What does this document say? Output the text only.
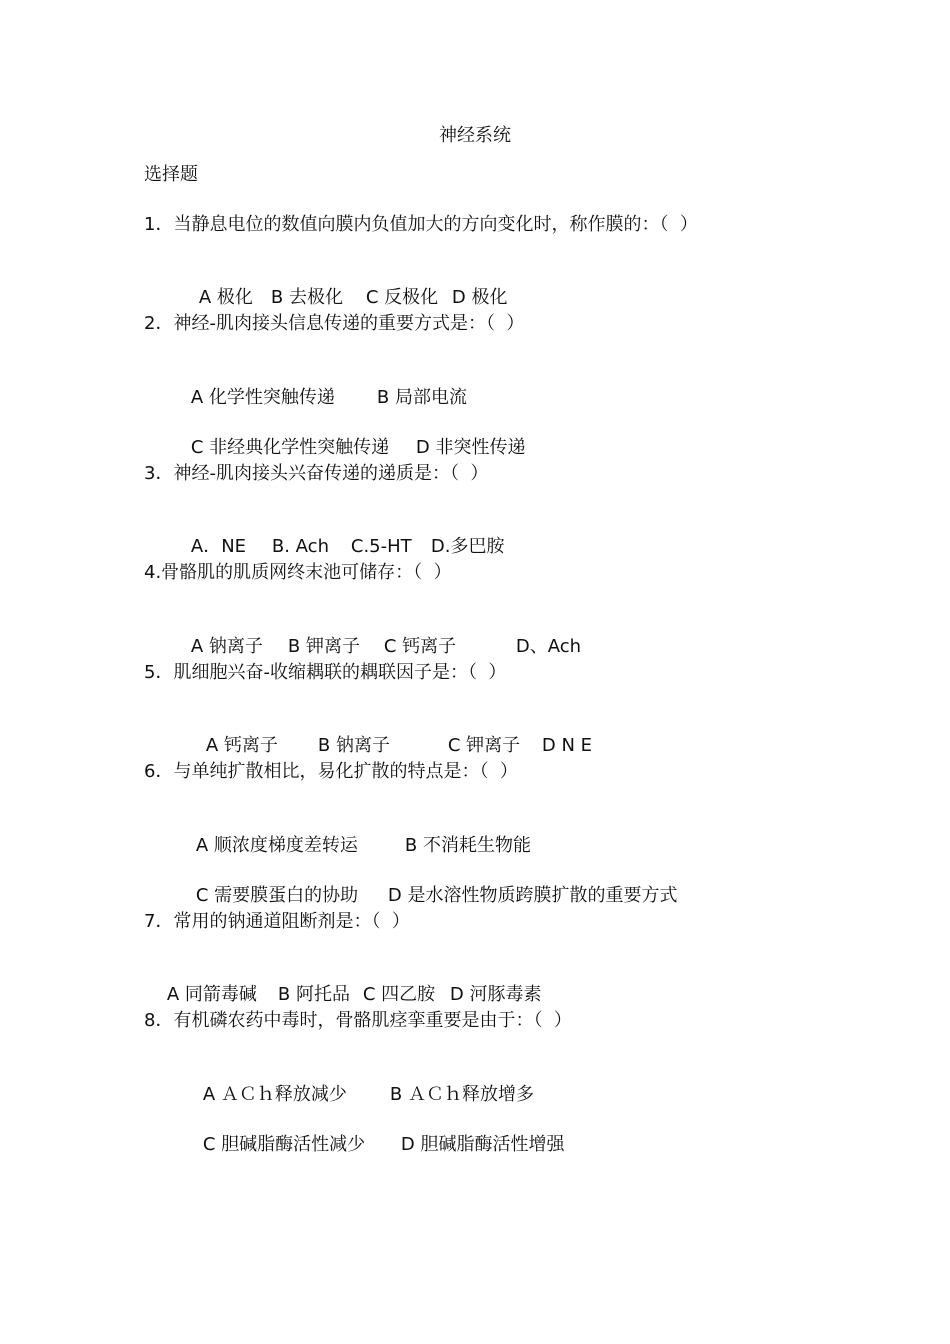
神经系统
选择题
1．当静息电位的数值向膜内负值加大的方向变化时，称作膜的：（  ）

A 极化 B 去极化 C 反极化 D 极化

2．神经-肌肉接头信息传递的重要方式是：（  ）

A 化学性突触传递 B 局部电流

C 非经典化学性突触传递 D 非突性传递

3．神经-肌肉接头兴奋传递的递质是：（  ）

A．NE B. Ach C.5-HT D.多巴胺

4.骨骼肌的肌质网终末池可储存：（  ）

A 钠离子 B 钾离子 C 钙离子	D、Ach

5．肌细胞兴奋-收缩耦联的耦联因子是：（  ）

A 钙离子 B 钠离子	C 钾离子 D N E

6．与单纯扩散相比，易化扩散的特点是：（  ）

A 顺浓度梯度差转运	B 不消耗生物能

C 需要膜蛋白的协助 D 是水溶性物质跨膜扩散的重要方式

7．常用的钠通道阻断剂是：（  ）

A 同箭毒碱 B 阿托品 C 四乙胺 D 河豚毒素

8．有机磷农药中毒时，骨骼肌痉挛重要是由于：（  ）

A ＡＣｈ释放减少 B ＡＣｈ释放增多

C 胆碱脂酶活性减少 D 胆碱脂酶活性增强
